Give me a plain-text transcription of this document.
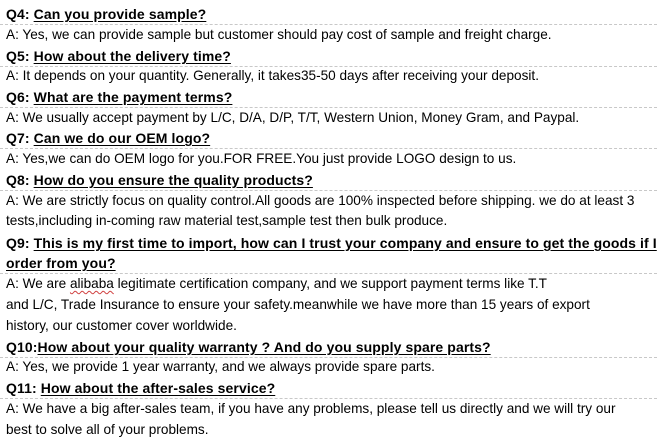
Q4: Can you provide sample?
A: Yes, we can provide sample but customer should pay cost of sample and freight charge.
Q5: How about the delivery time?
A: It depends on your quantity. Generally, it takes35-50 days after receiving your deposit.
Q6: What are the payment terms?
A: We usually accept payment by L/C, D/A, D/P, T/T, Western Union, Money Gram, and Paypal.
Q7: Can we do our OEM logo?
A: Yes,we can do OEM logo for you.FOR FREE.You just provide LOGO design to us.
Q8: How do you ensure the quality products?
A: We are strictly focus on quality control.All goods are 100% inspected before shipping. we do at least 3
tests,including in-coming raw material test,sample test then bulk produce.
Q9: This is my first time to import, how can I trust your company and ensure to get the goods if I
order from you?
A: We are alibaba legitimate certification company, and we support payment terms like T.T
and L/C, Trade Insurance to ensure your safety.meanwhile we have more than 15 years of export
history, our customer cover worldwide.
Q10:How about your quality warranty ? And do you supply spare parts?
A: Yes, we provide 1 year warranty, and we always provide spare parts.
Q11: How about the after-sales service?
A: We have a big after-sales team, if you have any problems, please tell us directly and we will try our
best to solve all of your problems.
